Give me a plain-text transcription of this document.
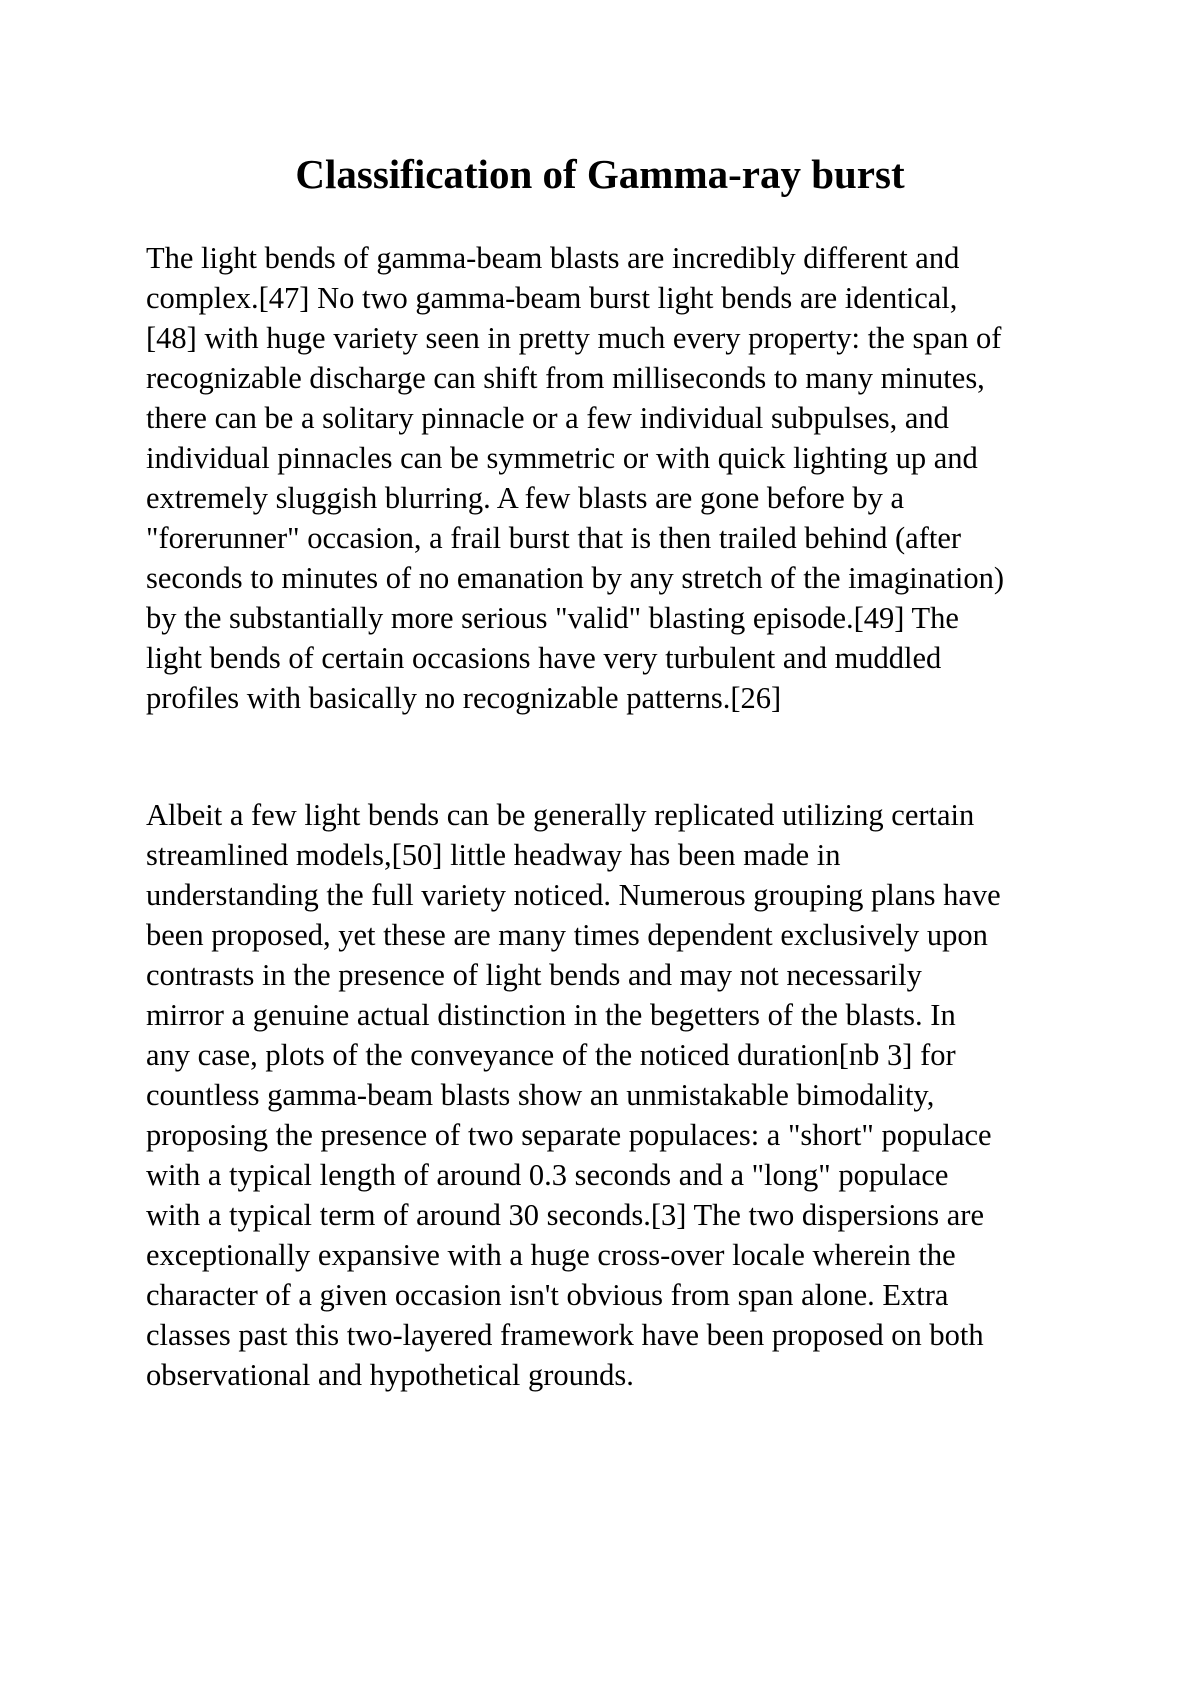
Classification of Gamma-ray burst

The light bends of gamma-beam blasts are incredibly different and
complex.[47] No two gamma-beam burst light bends are identical,
[48] with huge variety seen in pretty much every property: the span of
recognizable discharge can shift from milliseconds to many minutes,
there can be a solitary pinnacle or a few individual subpulses, and
individual pinnacles can be symmetric or with quick lighting up and
extremely sluggish blurring. A few blasts are gone before by a
"forerunner" occasion, a frail burst that is then trailed behind (after
seconds to minutes of no emanation by any stretch of the imagination)
by the substantially more serious "valid" blasting episode.[49] The
light bends of certain occasions have very turbulent and muddled
profiles with basically no recognizable patterns.[26]

Albeit a few light bends can be generally replicated utilizing certain
streamlined models,[50] little headway has been made in
understanding the full variety noticed. Numerous grouping plans have
been proposed, yet these are many times dependent exclusively upon
contrasts in the presence of light bends and may not necessarily
mirror a genuine actual distinction in the begetters of the blasts. In
any case, plots of the conveyance of the noticed duration[nb 3] for
countless gamma-beam blasts show an unmistakable bimodality,
proposing the presence of two separate populaces: a "short" populace
with a typical length of around 0.3 seconds and a "long" populace
with a typical term of around 30 seconds.[3] The two dispersions are
exceptionally expansive with a huge cross-over locale wherein the
character of a given occasion isn't obvious from span alone. Extra
classes past this two-layered framework have been proposed on both
observational and hypothetical grounds.
